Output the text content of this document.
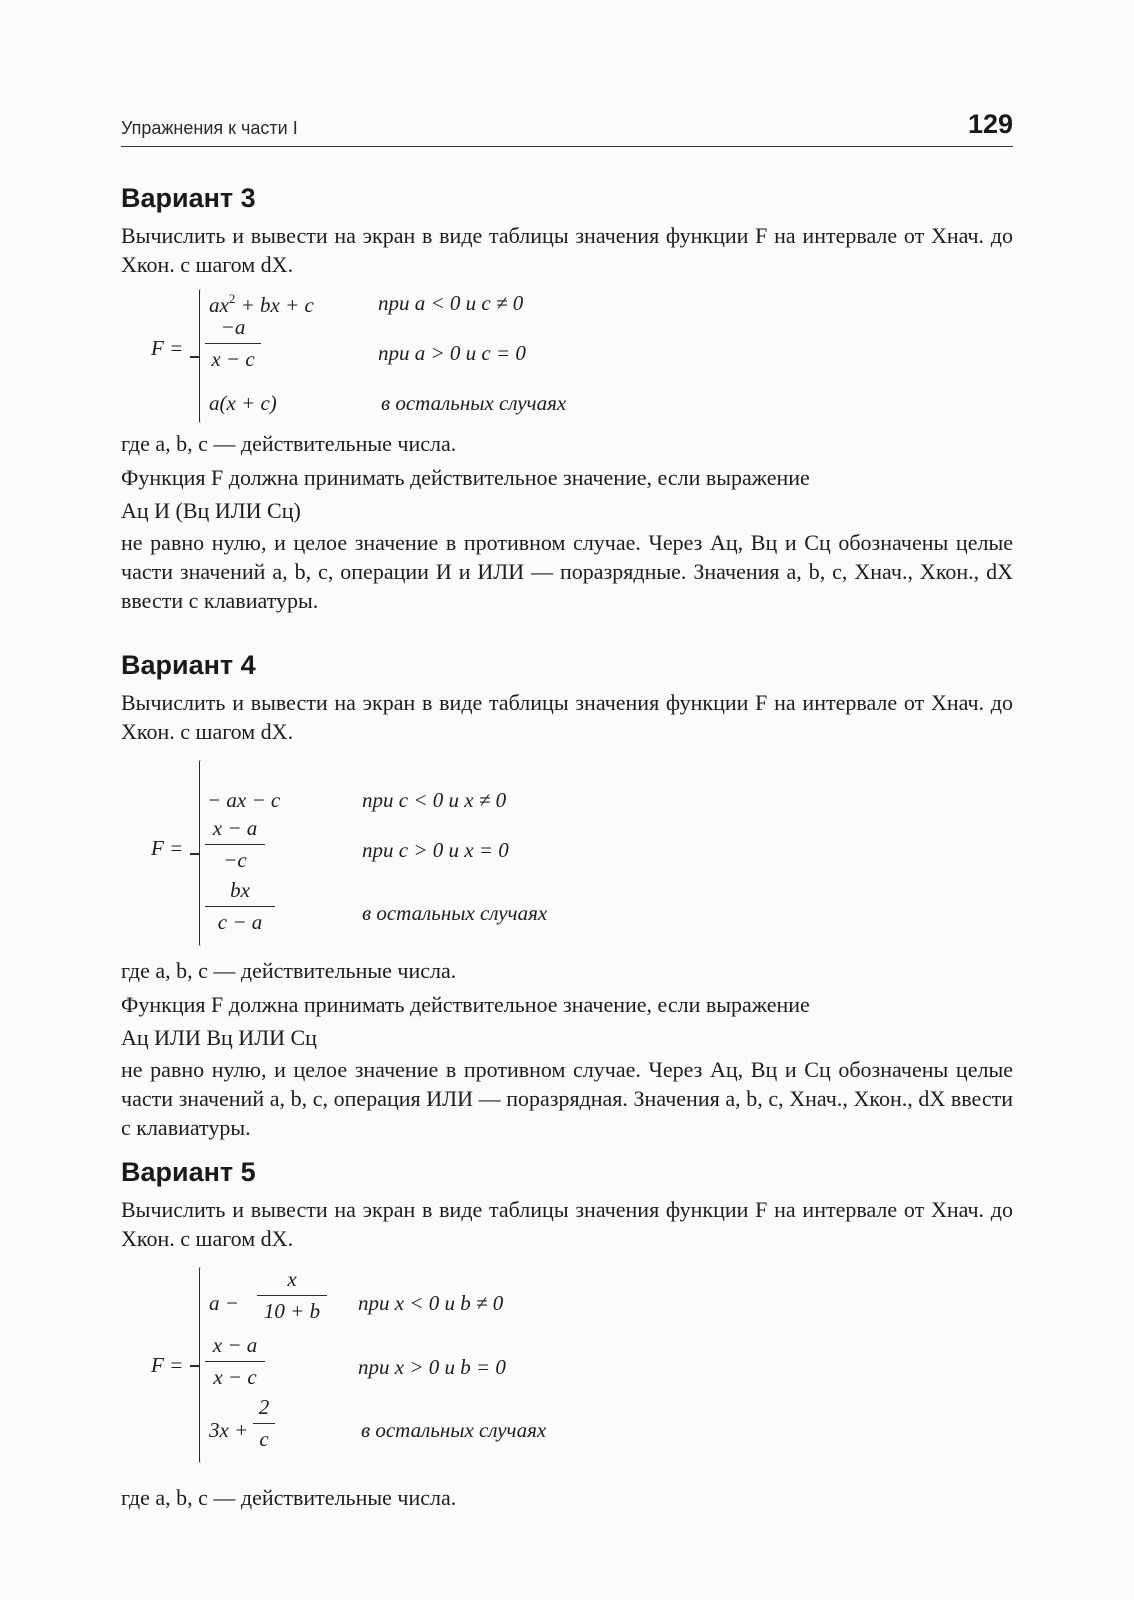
Упражнения к части I	129
Вариант 3

Вычислить и вывести на экран в виде таблицы значения функции F на интервале от Xнач. до Xкон. с шагом dX.

F =
$ax^2$ + bx + c	при a < 0 и c ≠ 0
$\frac{-a}{x - c}$	при a > 0 и c = 0
a(x + c)	в остальных случаях

где a, b, c — действительные числа.

Функция F должна принимать действительное значение, если выражение

Ац И (Вц ИЛИ Сц)

не равно нулю, и целое значение в противном случае. Через Ац, Вц и Сц обозначены целые части значений a, b, c, операции И и ИЛИ — поразрядные. Значения a, b, c, Xнач., Xкон., dX ввести с клавиатуры.

Вариант 4

Вычислить и вывести на экран в виде таблицы значения функции F на интервале от Xнач. до Xкон. с шагом dX.

F =
− ax − c	при c < 0 и x ≠ 0
$\frac{x - a}{-c}$	при c > 0 и x = 0
$\frac{bx}{c - a}$	в остальных случаях

где a, b, c — действительные числа.

Функция F должна принимать действительное значение, если выражение

Ац ИЛИ Вц ИЛИ Сц

не равно нулю, и целое значение в противном случае. Через Ац, Вц и Сц обозначены целые части значений a, b, c, операция ИЛИ — поразрядная. Значения a, b, c, Xнач., Xкон., dX ввести с клавиатуры.

Вариант 5

Вычислить и вывести на экран в виде таблицы значения функции F на интервале от Xнач. до Xкон. с шагом dX.

F =
$a - \frac{x}{10 + b}$ при x < 0 и b ≠ 0
$\frac{x - a}{x - c}$	при x > 0 и b = 0
$3x + \frac{2}{c}$	в остальных случаях

где a, b, c — действительные числа.
